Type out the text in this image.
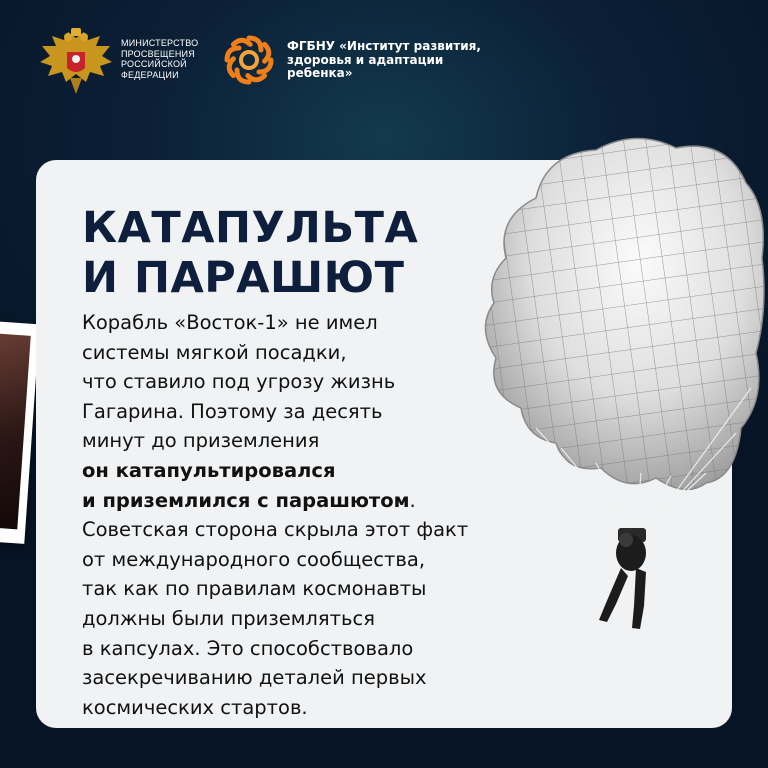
МИНИСТЕРСТВО
ПРОСВЕЩЕНИЯ
РОССИЙСКОЙ
ФЕДЕРАЦИИ
ФГБНУ «Институт развития,
здоровья и адаптации
ребенка»
КАТАПУЛЬТА
И ПАРАШЮТ
Корабль «Восток-1» не имел
системы мягкой посадки,
что ставило под угрозу жизнь
Гагарина. Поэтому за десять
минут до приземления
он катапультировался
и приземлился с парашютом.
Советская сторона скрыла этот факт
от международного сообщества,
так как по правилам космонавты
должны были приземляться
в капсулах. Это способствовало
засекречиванию деталей первых
космических стартов.
